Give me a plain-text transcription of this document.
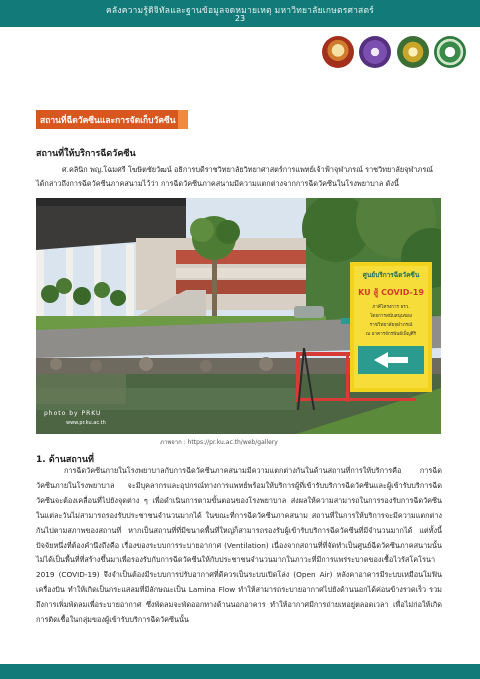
คลังความรู้ดิจิทัลและฐานข้อมูลจดหมายเหตุ มหาวิทยาลัยเกษตรศาสตร์
23
สถานที่ฉีดวัคซีนและการจัดเก็บวัคซีน
สถานที่ให้บริการฉีดวัคซีน
ศ.คลินิก พญ.โฉมศรี โฆษิตชัยวัฒน์ อธิการบดีราชวิทยาลัยวิทยาศาสตร์การแพทย์เจ้าฟ้าจุฬาภรณ์ ราชวิทยาลัยจุฬาภรณ์ ได้กล่าวถึงการฉีดวัคซีนภาคสนามไว้ว่า การฉีดวัคซีนภาคสนามมีความแตกต่างจากการฉีดวัคซีนในโรงพยาบาล ดังนี้
ศูนย์บริการฉีดวัคซีน
KU สู้ COVID-19
ภาคีโครงการ ธรว.
โดยการสนับสนุนของ
ราชวิทยาลัยจุฬาภรณ์
ณ อาคารจักรพันธ์เพ็ญศิริ
photo by PRKU
www.pr.ku.ac.th
ภาพจาก : https://pr.ku.ac.th/web/gallery
1. ด้านสถานที่
การฉีดวัคซีนภายในโรงพยาบาลกับการฉีดวัคซีนภาคสนามมีความแตกต่างกันในด้านสถานที่การให้บริการคือ การฉีดวัคซีนภายในโรงพยาบาล จะมีบุคลากรและอุปกรณ์ทางการแพทย์พร้อมให้บริการผู้ที่เข้ารับบริการฉีดวัคซีนและผู้เข้ารับบริการฉีดวัคซีนจะต้องเคลื่อนที่ไปยังจุดต่าง ๆ เพื่อดำเนินการตามขั้นตอนของโรงพยาบาล ส่งผลให้ความสามารถในการรองรับการฉีดวัคซีนในแต่ละวันไม่สามารถรองรับประชาชนจำนวนมากได้ ในขณะที่การฉีดวัคซีนภาคสนาม สถานที่ในการให้บริการจะมีความแตกต่างกันไปตามสภาพของสถานที่ หากเป็นสถานที่ที่มีขนาดพื้นที่ใหญ่ก็สามารถรองรับผู้เข้ารับบริการฉีดวัคซีนที่มีจำนวนมากได้ แต่ทั้งนี้ปัจจัยหนึ่งที่ต้องคำนึงถึงคือ เรื่องของระบบการระบายอากาศ (Ventilation) เนื่องจากสถานที่ที่จัดทำเป็นศูนย์ฉีดวัคซีนภาคสนามนั้น ไม่ได้เป็นพื้นที่ที่สร้างขึ้นมาเพื่อรองรับกับการฉีดวัคซีนให้กับประชาชนจำนวนมากในภาวะที่มีการแพร่ระบาดของเชื้อไวรัสโคโรนา 2019 (COVID-19) จึงจำเป็นต้องมีระบบการปรับอากาศที่ดีควรเป็นระบบเปิดโล่ง (Open Air) หลังคาอาคารมีระบบเหมือนโมฟินเครื่องบิน ทำให้เกิดเป็นกระแสลมที่มีลักษณะเป็น Lamina Flow ทำให้สามารถระบายอากาศไปยังด้านนอกได้ค่อนข้างรวดเร็ว รวมถึงการเพิ่มพัดลมเพื่อระบายอากาศ ซึ่งพัดลมจะพัดออกทางด้านนอกอาคาร ทำให้อากาศมีการถ่ายเทอยู่ตลอดเวลา เพื่อไม่ก่อให้เกิดการติดเชื้อในกลุ่มของผู้เข้ารับบริการฉีดวัคซีนนั้น
